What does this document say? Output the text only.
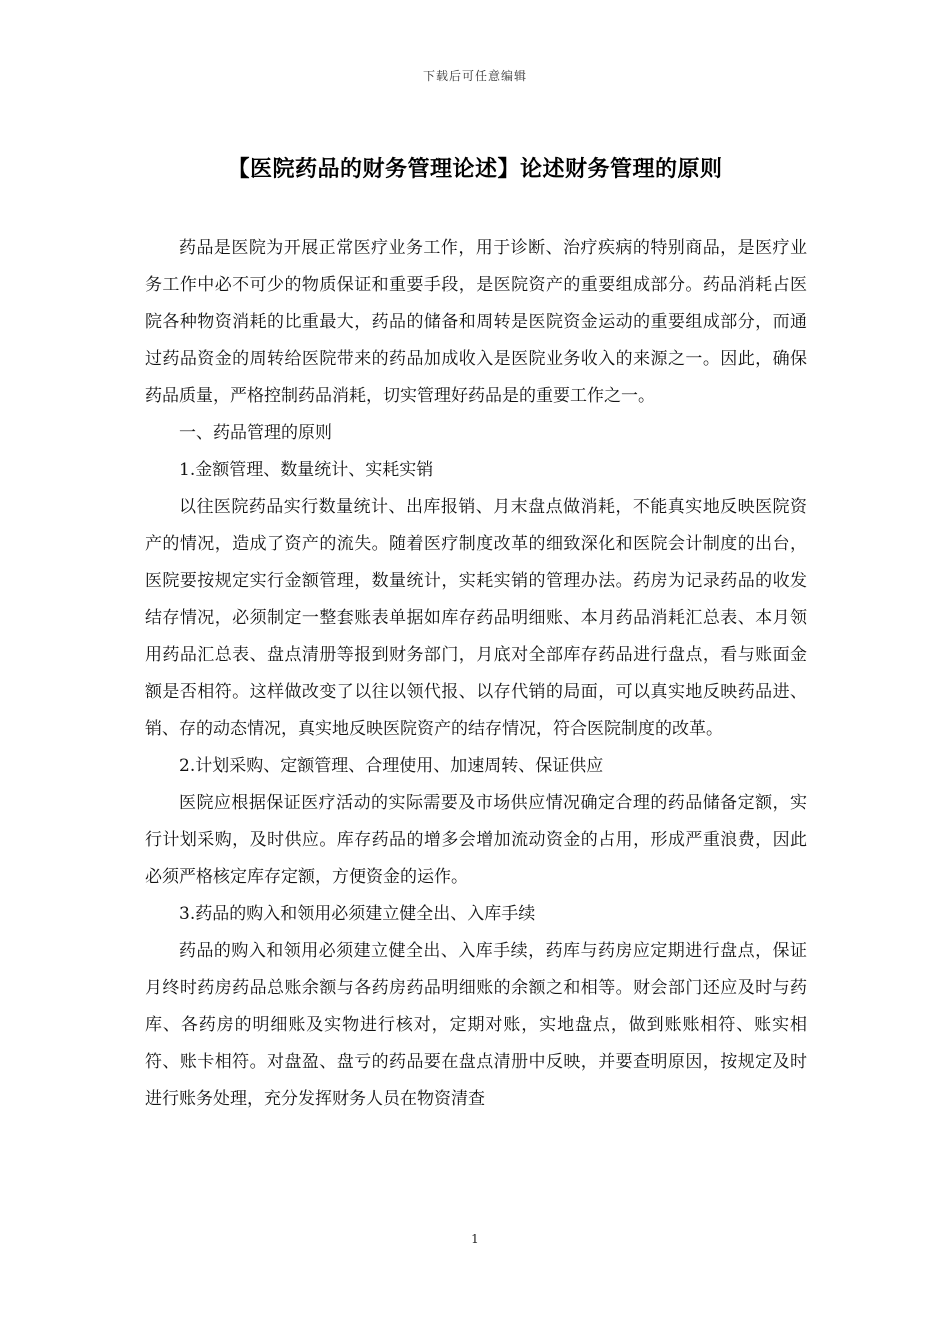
下载后可任意编辑
【医院药品的财务管理论述】论述财务管理的原则

药品是医院为开展正常医疗业务工作，用于诊断、治疗疾病的特别商品，是医疗业务工作中必不可少的物质保证和重要手段，是医院资产的重要组成部分。药品消耗占医院各种物资消耗的比重最大，药品的储备和周转是医院资金运动的重要组成部分，而通过药品资金的周转给医院带来的药品加成收入是医院业务收入的来源之一。因此，确保药品质量，严格控制药品消耗，切实管理好药品是的重要工作之一。

一、药品管理的原则

1.金额管理、数量统计、实耗实销

以往医院药品实行数量统计、出库报销、月末盘点做消耗，不能真实地反映医院资产的情况，造成了资产的流失。随着医疗制度改革的细致深化和医院会计制度的出台，医院要按规定实行金额管理，数量统计，实耗实销的管理办法。药房为记录药品的收发结存情况，必须制定一整套账表单据如库存药品明细账、本月药品消耗汇总表、本月领用药品汇总表、盘点清册等报到财务部门，月底对全部库存药品进行盘点，看与账面金额是否相符。这样做改变了以往以领代报、以存代销的局面，可以真实地反映药品进、销、存的动态情况，真实地反映医院资产的结存情况，符合医院制度的改革。

2.计划采购、定额管理、合理使用、加速周转、保证供应

医院应根据保证医疗活动的实际需要及市场供应情况确定合理的药品储备定额，实行计划采购，及时供应。库存药品的增多会增加流动资金的占用，形成严重浪费，因此必须严格核定库存定额，方便资金的运作。

3.药品的购入和领用必须建立健全出、入库手续

药品的购入和领用必须建立健全出、入库手续，药库与药房应定期进行盘点，保证月终时药房药品总账余额与各药房药品明细账的余额之和相等。财会部门还应及时与药库、各药房的明细账及实物进行核对，定期对账，实地盘点，做到账账相符、账实相符、账卡相符。对盘盈、盘亏的药品要在盘点清册中反映，并要查明原因，按规定及时进行账务处理，充分发挥财务人员在物资清查

1
